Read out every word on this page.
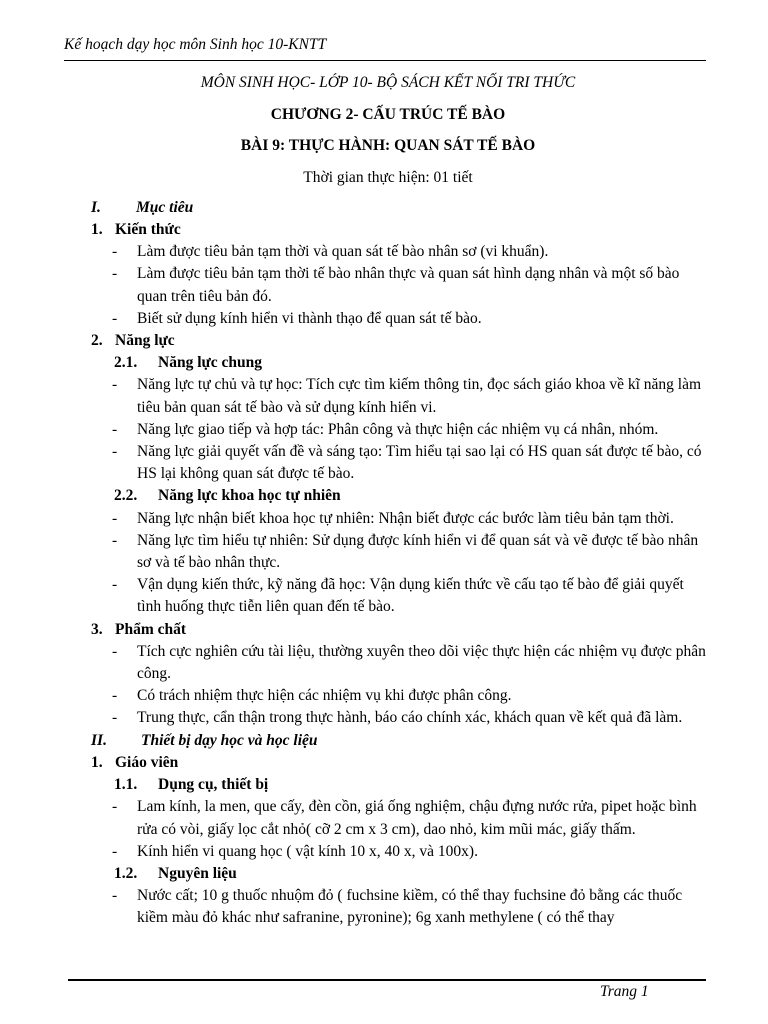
Kế hoạch dạy học môn Sinh học 10-KNTT
MÔN SINH HỌC- LỚP 10- BỘ SÁCH KẾT NỐI TRI THỨC
CHƯƠNG 2- CẤU TRÚC TẾ BÀO
BÀI 9: THỰC HÀNH: QUAN SÁT TẾ BÀO
Thời gian thực hiện: 01 tiết
I.	Mục tiêu
1. Kiến thức
-	Làm được tiêu bản tạm thời và quan sát tế bào nhân sơ (vi khuẩn).
-	Làm được tiêu bản tạm thời tế bào nhân thực và quan sát hình dạng nhân và một số bào quan trên tiêu bản đó.
-	Biết sử dụng kính hiển vi thành thạo để quan sát tế bào.
2. Năng lực
2.1.	Năng lực chung
-	Năng lực tự chủ và tự học: Tích cực tìm kiếm thông tin, đọc sách giáo khoa về kĩ năng làm tiêu bản quan sát tế bào và sử dụng kính hiển vi.
-	Năng lực giao tiếp và hợp tác: Phân công và thực hiện các nhiệm vụ cá nhân, nhóm.
-	Năng lực giải quyết vấn đề và sáng tạo: Tìm hiểu tại sao lại có HS quan sát được tế bào, có HS lại không quan sát được tế bào.
2.2.	Năng lực khoa học tự nhiên
-	Năng lực nhận biết khoa học tự nhiên: Nhận biết được các bước làm tiêu bản tạm thời.
-	Năng lực tìm hiểu tự nhiên: Sử dụng được kính hiển vi để quan sát và vẽ được tế bào nhân sơ và tế bào nhân thực.
-	Vận dụng kiến thức, kỹ năng đã học: Vận dụng kiến thức về cấu tạo tế bào để giải quyết tình huống thực tiễn liên quan đến tế bào.
3. Phẩm chất
-	Tích cực nghiên cứu tài liệu, thường xuyên theo dõi việc thực hiện các nhiệm vụ được phân công.
-	Có trách nhiệm thực hiện các nhiệm vụ khi được phân công.
-	Trung thực, cẩn thận trong thực hành, báo cáo chính xác, khách quan về kết quả đã làm.
II.	Thiết bị dạy học và học liệu
1. Giáo viên
1.1.	Dụng cụ, thiết bị
-	Lam kính, la men, que cấy, đèn cồn, giá ống nghiệm, chậu đựng nước rửa, pipet hoặc bình rửa có vòi, giấy lọc cắt nhỏ( cỡ 2 cm x 3 cm), dao nhỏ, kim mũi mác, giấy thấm.
-	Kính hiển vi quang học ( vật kính 10 x, 40 x, và 100x).
1.2.	Nguyên liệu
-	Nước cất; 10 g thuốc nhuộm đỏ ( fuchsine kiềm, có thể thay fuchsine đỏ bằng các thuốc kiềm màu đỏ khác như safranine, pyronine); 6g xanh methylene ( có thể thay
Trang 1
